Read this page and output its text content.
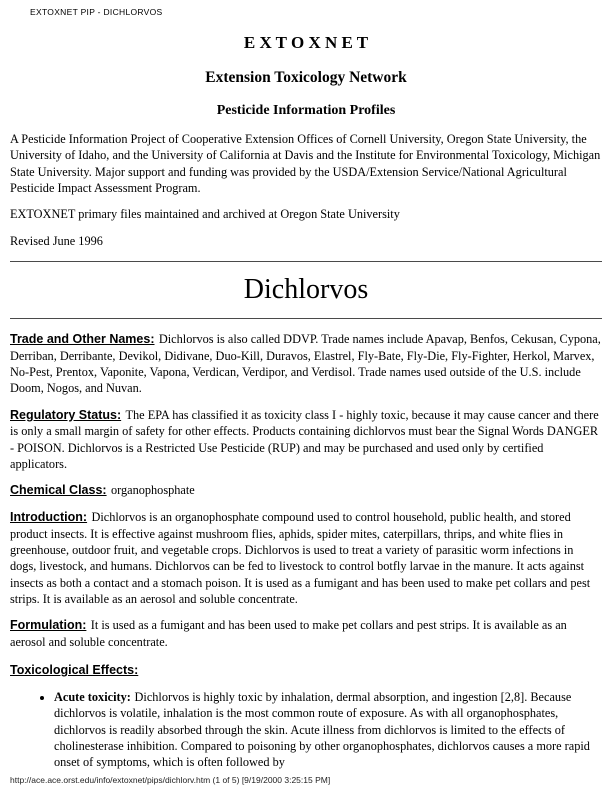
EXTOXNET PIP - DICHLORVOS
E X T O X N E T
Extension Toxicology Network
Pesticide Information Profiles

A Pesticide Information Project of Cooperative Extension Offices of Cornell University, Oregon State University, the University of Idaho, and the University of California at Davis and the Institute for Environmental Toxicology, Michigan State University. Major support and funding was provided by the USDA/Extension Service/National Agricultural Pesticide Impact Assessment Program.

EXTOXNET primary files maintained and archived at Oregon State University

Revised June 1996

Dichlorvos

Trade and Other Names: Dichlorvos is also called DDVP. Trade names include Apavap, Benfos, Cekusan, Cypona, Derriban, Derribante, Devikol, Didivane, Duo-Kill, Duravos, Elastrel, Fly-Bate, Fly-Die, Fly-Fighter, Herkol, Marvex, No-Pest, Prentox, Vaponite, Vapona, Verdican, Verdipor, and Verdisol. Trade names used outside of the U.S. include Doom, Nogos, and Nuvan.

Regulatory Status: The EPA has classified it as toxicity class I - highly toxic, because it may cause cancer and there is only a small margin of safety for other effects. Products containing dichlorvos must bear the Signal Words DANGER - POISON. Dichlorvos is a Restricted Use Pesticide (RUP) and may be purchased and used only by certified applicators.

Chemical Class: organophosphate

Introduction: Dichlorvos is an organophosphate compound used to control household, public health, and stored product insects. It is effective against mushroom flies, aphids, spider mites, caterpillars, thrips, and white flies in greenhouse, outdoor fruit, and vegetable crops. Dichlorvos is used to treat a variety of parasitic worm infections in dogs, livestock, and humans. Dichlorvos can be fed to livestock to control botfly larvae in the manure. It acts against insects as both a contact and a stomach poison. It is used as a fumigant and has been used to make pet collars and pest strips. It is available as an aerosol and soluble concentrate.

Formulation: It is used as a fumigant and has been used to make pet collars and pest strips. It is available as an aerosol and soluble concentrate.

Toxicological Effects:

• Acute toxicity: Dichlorvos is highly toxic by inhalation, dermal absorption, and ingestion [2,8]. Because dichlorvos is volatile, inhalation is the most common route of exposure. As with all organophosphates, dichlorvos is readily absorbed through the skin. Acute illness from dichlorvos is limited to the effects of cholinesterase inhibition. Compared to poisoning by other organophosphates, dichlorvos causes a more rapid onset of symptoms, which is often followed by
http://ace.ace.orst.edu/info/extoxnet/pips/dichlorv.htm (1 of 5) [9/19/2000 3:25:15 PM]
